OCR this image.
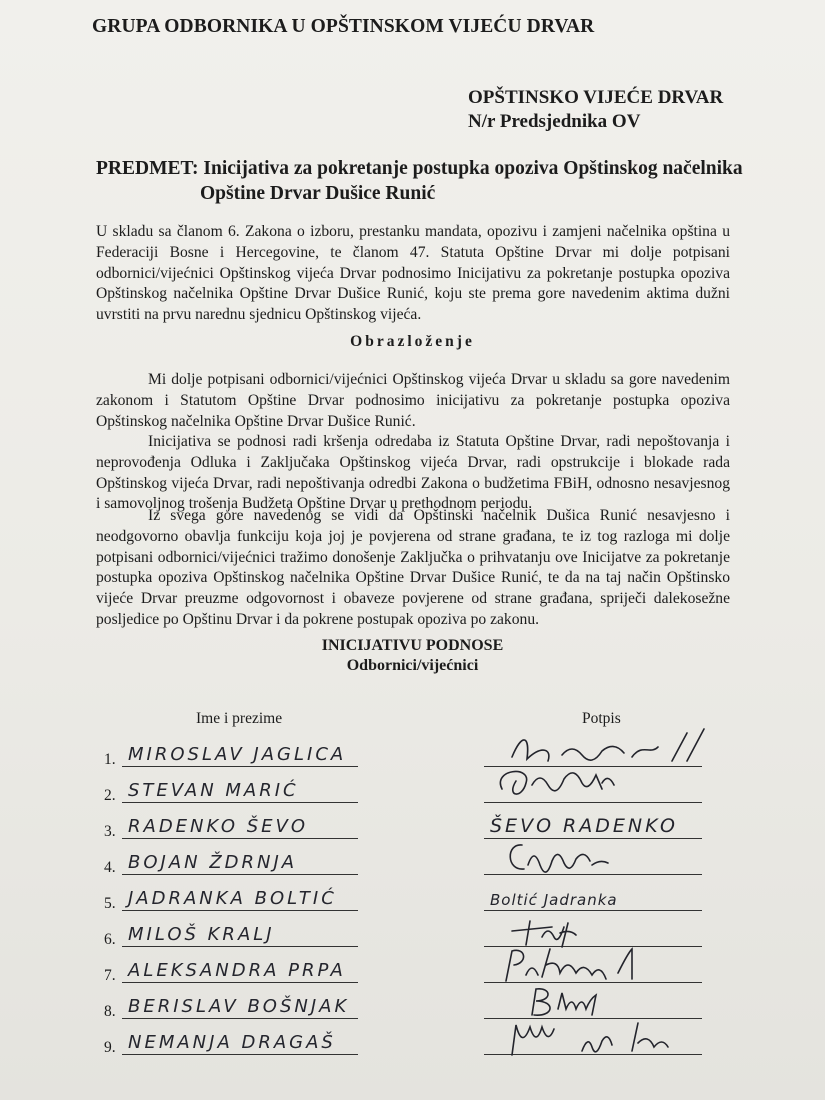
GRUPA ODBORNIKA U OPŠTINSKOM VIJEĆU DRVAR
OPŠTINSKO VIJEĆE DRVAR
N/r Predsjednika OV
PREDMET: Inicijativa za pokretanje postupka opoziva Opštinskog načelnika
Opštine Drvar Dušice Runić
U skladu sa članom 6. Zakona o izboru, prestanku mandata, opozivu i zamjeni načelnika opština u Federaciji Bosne i Hercegovine, te članom 47. Statuta Opštine Drvar mi dolje potpisani odbornici/vijećnici Opštinskog vijeća Drvar podnosimo Inicijativu za pokretanje postupka opoziva Opštinskog načelnika Opštine Drvar Dušice Runić, koju ste prema gore navedenim aktima dužni uvrstiti na prvu narednu sjednicu Opštinskog vijeća.
Obrazloženje
Mi dolje potpisani odbornici/vijećnici Opštinskog vijeća Drvar u skladu sa gore navedenim zakonom i Statutom Opštine Drvar podnosimo inicijativu za pokretanje postupka opoziva Opštinskog načelnika Opštine Drvar Dušice Runić.
Inicijativa se podnosi radi kršenja odredaba iz Statuta Opštine Drvar, radi nepoštovanja i neprovođenja Odluka i Zaključaka Opštinskog vijeća Drvar, radi opstrukcije i blokade rada Opštinskog vijeća Drvar, radi nepoštivanja odredbi Zakona o budžetima FBiH, odnosno nesavjesnog i samovoljnog trošenja Budžeta Opštine Drvar u prethodnom periodu.
Iz svega gore navedenog se vidi da Opštinski načelnik Dušica Runić nesavjesno i neodgovorno obavlja funkciju koja joj je povjerena od strane građana, te iz tog razloga mi dolje potpisani odbornici/vijećnici tražimo donošenje Zaključka o prihvatanju ove Inicijatve za pokretanje postupka opoziva Opštinskog načelnika Opštine Drvar Dušice Runić, te da na taj način Opštinsko vijeće Drvar preuzme odgovornost i obaveze povjerene od strane građana, spriječi dalekosežne posljedice po Opštinu Drvar i da pokrene postupak opoziva po zakonu.
INICIJATIVU PODNOSE
Odbornici/vijećnici
Ime i prezime	Potpis
1. MIROSLAV JAGLICA
2. STEVAN MARIĆ
3. RADENKO ŠEVO	ŠEVO RADENKO
4. BOJAN ŽDRNJA
5. JADRANKA BOLTIĆ	Boltić Jadranka
6. MILOŠ KRALJ
7. ALEKSANDRA PRPA
8. BERISLAV BOŠNJAK
9. NEMANJA DRAGAŠ
